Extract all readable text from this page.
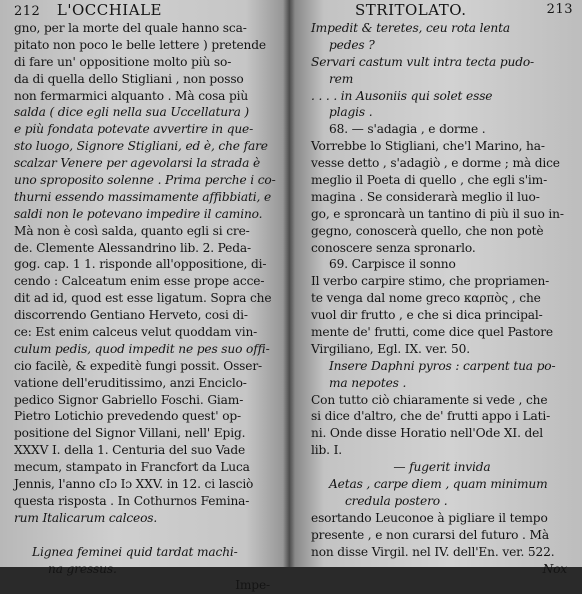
212 L'OCCHIALE
gno, per la morte del quale hanno sca-
pitato non poco le belle lettere ) pretende
di fare un' oppositione molto più so-
da di quella dello Stigliani , non posso
non fermarmici alquanto . Mà cosa più
salda ( dice egli nella sua Uccellatura )
e più fondata potevate avvertire in que-
sto luogo, Signore Stigliani, ed è, che fare
scalzar Venere per agevolarsi la strada è
uno sproposito solenne . Prima perche i co-
thurni essendo massimamente affibbiati, e
saldi non le potevano impedire il camino.
Mà non è così salda, quanto egli si cre-
de. Clemente Alessandrino lib. 2. Peda-
gog. cap. 1 1. risponde all'oppositione, di-
cendo : Calceatum enim esse prope acce-
dit ad id, quod est esse ligatum. Sopra che
discorrendo Gentiano Herveto, cosi di-
ce: Est enim calceus velut quoddam vin-
culum pedis, quod impedit ne pes suo offi-
cio facilè, & expeditè fungi possit. Osser-
vatione dell'eruditissimo, anzi Enciclo-
pedico Signor Gabriello Foschi. Giam-
Pietro Lotichio prevedendo quest' op-
positione del Signor Villani, nell' Epig.
XXXV I. della 1. Centuria del suo Vade
mecum, stampato in Francfort da Luca
Jennis, l'anno cIɔ Iɔ XXV. in 12. ci lasciò
questa risposta . In Cothurnos Femina-
rum Italicarum calceos.
Lignea feminei quid tardat machi-
na gressus.
Impe-
STRITOLATO.	213
Impedit & teretes, ceu rota lenta
pedes ?
Servari castum vult intra tecta pudo-
rem
. . . . in Ausoniis qui solet esse
plagis .
68. — s'adagia , e dorme .
Vorrebbe lo Stigliani, che'l Marino, ha-
vesse detto , s'adagiò , e dorme ; mà dice
meglio il Poeta di quello , che egli s'im-
magina . Se considerarà meglio il luo-
go, e sproncarà un tantino di più il suo in-
gegno, conoscerà quello, che non potè
conoscere senza spronarlo.
69. Carpisce il sonno
Il verbo carpire stimo, che propriamen-
te venga dal nome greco καρπὸς , che
vuol dir frutto , e che si dica principal-
mente de' frutti, come dice quel Pastore
Virgiliano, Egl. IX. ver. 50.
Insere Daphni pyros : carpent tua po-
ma nepotes .
Con tutto ciò chiaramente si vede , che
si dice d'altro, che de' frutti appo i Lati-
ni. Onde disse Horatio nell'Ode XI. del
lib. I.
— fugerit invida
Aetas , carpe diem , quam minimum
credula postero .
esortando Leuconoe à pigliare il tempo
presente , e non curarsi del futuro . Mà
non disse Virgil. nel IV. dell'En. ver. 522.
Nox
